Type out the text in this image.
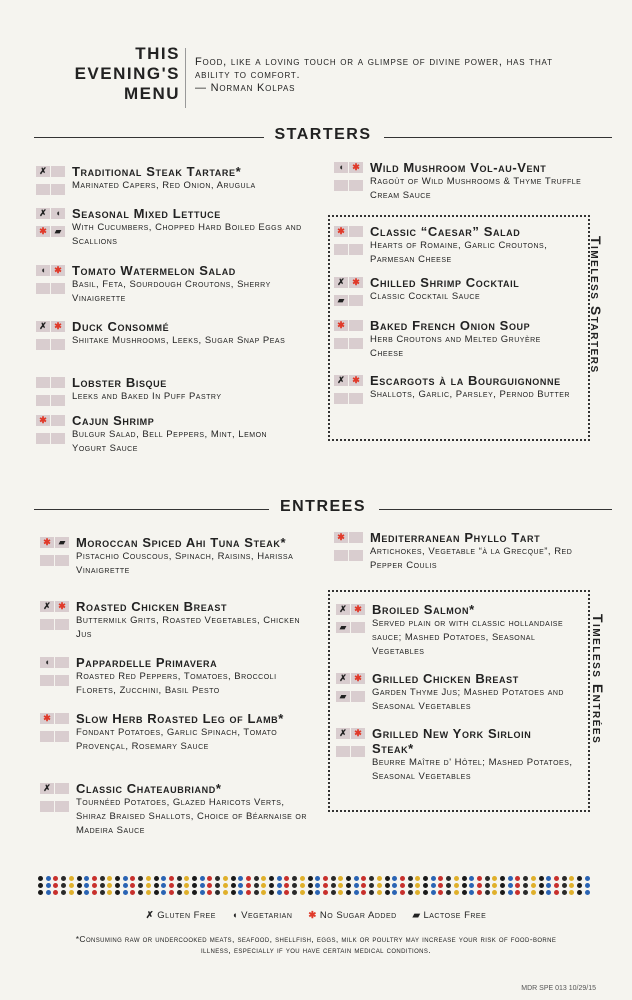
THIS
EVENING'S
MENU
Food, like a loving touch or a glimpse of divine power, has that ability to comfort.
— Norman Kolpas
STARTERS
✗	Traditional Steak Tartare*
Marinated Capers, Red Onion, Arugula
✗ ◖✱ ▰
Seasonal Mixed Lettuce
With Cucumbers, Chopped Hard Boiled Eggs and Scallions
◖ ✱ Tomato Watermelon Salad
Basil, Feta, Sourdough Croutons, Sherry Vinaigrette
✗ ✱ Duck Consommé
Shiitake Mushrooms, Leeks, Sugar Snap Peas
Lobster Bisque
Leeks and Baked In Puff Pastry
✱	Cajun Shrimp
Bulgur Salad, Bell Peppers, Mint, Lemon Yogurt Sauce
✱	Classic “Caesar” Salad
Hearts of Romaine, Garlic Croutons, Parmesan Cheese
✗ ✱▰
Chilled Shrimp Cocktail
Classic Cocktail Sauce
✱	Baked French Onion Soup
Herb Croutons and Melted Gruyère Cheese
✗ ✱ Escargots à la Bourguignonne
Shallots, Garlic, Parsley, Pernod Butter
◖ ✱ Wild Mushroom Vol-au-Vent
Ragoût of Wild Mushrooms & Thyme Truffle Cream Sauce
Timeless Starters
ENTREES
✱ ▰ Moroccan Spiced Ahi Tuna Steak*
Pistachio Couscous, Spinach, Raisins, Harissa Vinaigrette
✗ ✱ Roasted Chicken Breast
Buttermilk Grits, Roasted Vegetables, Chicken Jus
◖	Pappardelle Primavera
Roasted Red Peppers, Tomatoes, Broccoli Florets, Zucchini, Basil Pesto
✱	Slow Herb Roasted Leg of Lamb*
Fondant Potatoes, Garlic Spinach, Tomato Provençal, Rosemary Sauce
✗	Classic Chateaubriand*
Tournéed Potatoes, Glazed Haricots Verts, Shiraz Braised Shallots, Choice of Béarnaise or Madeira Sauce
✗ ✱▰
Broiled Salmon*
Served plain or with classic hollandaise sauce; Mashed Potatoes, Seasonal Vegetables
✗ ✱▰
Grilled Chicken Breast
Garden Thyme Jus; Mashed Potatoes and Seasonal Vegetables
✗ ✱ Grilled New York Sirloin Steak*
Beurre Maître d' Hôtel; Mashed Potatoes, Seasonal Vegetables
✱	Mediterranean Phyllo Tart
Artichokes, Vegetable “à la Grecque”, Red Pepper Coulis
Timeless Entrées
✗ Gluten Free ◖ Vegetarian ✱ No Sugar Added ▰ Lactose Free
*Consuming raw or undercooked meats, seafood, shellfish, eggs, milk or poultry may increase your risk of food-borne illness, especially if you have certain medical conditions.
MDR SPE 013 10/29/15
